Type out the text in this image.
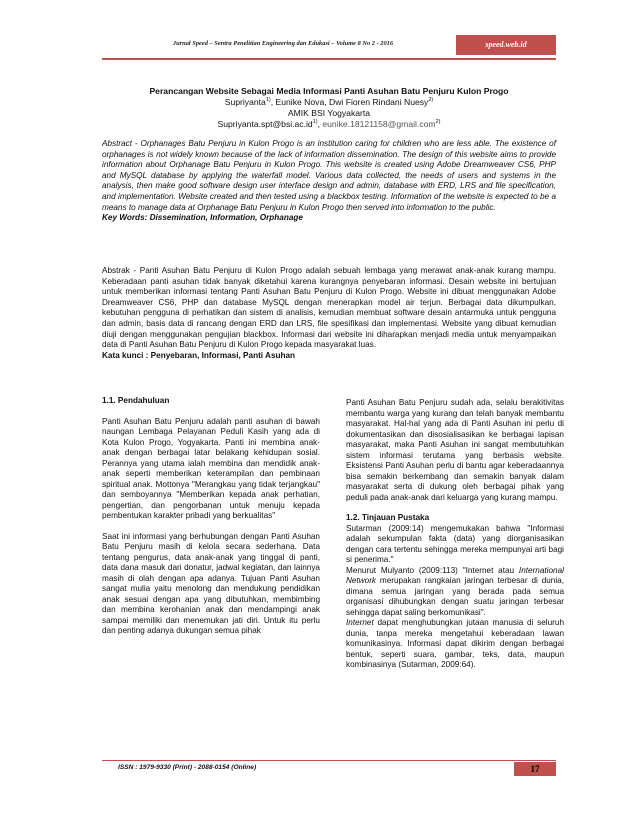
Jurnal Speed – Sentra Penelitian Engineering dan Edukasi – Volume 8 No 2 - 2016	speed.web.id
Perancangan Website Sebagai Media Informasi Panti Asuhan Batu Penjuru Kulon Progo
Supriyanta$^{1)}$, Eunike Nova, Dwi Fioren Rindani Nuesy$^{2)}$
AMIK BSI Yogyakarta
$Supriyanta.spt@bsi.ac.id^{1)}$, eunike.18121158@gmail.com$^{2)}$
Abstract - Orphanages Batu Penjuru in Kulon Progo is an institution caring for children who are less able. The existence of orphanages is not widely known because of the lack of information dissemination. The design of this website aims to provide information about Orphanage Batu Penjuru in Kulon Progo. This website is created using Adobe Dreamweaver CS6, PHP and MySQL database by applying the waterfall model. Various data collected, the needs of users and systems in the analysis, then make good software design user interface design and admin, database with ERD, LRS and file specification, and implementation. Website created and then tested using a blackbox testing. Information of the website is expected to be a means to manage data at Orphanage Batu Penjuru in Kulon Progo then served into information to the public.
Key Words: Dissemination, Information, Orphanage
Abstrak - Panti Asuhan Batu Penjuru di Kulon Progo adalah sebuah lembaga yang merawat anak-anak kurang mampu. Keberadaan panti asuhan tidak banyak diketahui karena kurangnya penyebaran informasi. Desain website ini bertujuan untuk memberikan informasi tentang Panti Asuhan Batu Penjuru di Kulon Progo. Website ini dibuat menggunakan Adobe Dreamweaver CS6, PHP dan database MySQL dengan menerapkan model air terjun. Berbagai data dikumpulkan, kebutuhan pengguna di perhatikan dan sistem di analisis, kemudian membuat software desain antarmuka untuk pengguna dan admin, basis data di rancang dengan ERD dan LRS, file spesifikasi dan implementasi. Website yang dibuat kemudian diuji dengan menggunakan pengujian blackbox. Informasi dari website ini diharapkan menjadi media untuk menyampaikan data di Panti Asuhan Batu Penjuru di Kulon Progo kepada masyarakat luas.
Kata kunci : Penyebaran, Informasi, Panti Asuhan

1.1. Pendahuluan

Panti Asuhan Batu Penjuru adalah panti asuhan di bawah naungan Lembaga Pelayanan Peduli Kasih yang ada di Kota Kulon Progo, Yogyakarta. Panti ini membina anak-anak dengan berbagai latar belakang kehidupan sosial. Perannya yang utama ialah membina dan mendidik anak-anak seperti memberikan keterampilan dan pembinaan spiritual anak. Mottonya "Merangkau yang tidak terjangkau" dan semboyannya "Memberikan kepada anak perhatian, pengertian, dan pengorbanan untuk menuju kepada pembentukan karakter pribadi yang berkualitas"

Saat ini informasi yang berhubungan dengan Panti Asuhan Batu Penjuru masih di kelola secara sederhana. Data tentang pengurus, data anak-anak yang tinggal di panti, data dana masuk dari donatur, jadwal kegiatan, dan lainnya masih di olah dengan apa adanya. Tujuan Panti Asuhan sangat mulia yaitu menolong dan mendukung pendidikan anak sesuai dengan apa yang dibutuhkan, membimbing dan membina kerohanian anak dan mendampingi anak sampai memiliki dan menemukan jati diri. Untuk itu perlu dan penting adanya dukungan semua pihak

Panti Asuhan Batu Penjuru sudah ada, selalu berakitivitas membantu warga yang kurang dan telah banyak membantu masyarakat. Hal-hal yang ada di Panti Asuhan ini perlu di dokumentasikan dan disosialisasikan ke berbagai lapisan masyarakat, maka Panti Asuhan ini sangat membutuhkan sistem informasi terutama yang berbasis website. Eksistensi Panti Asuhan perlu di bantu agar keberadaannya bisa semakin berkembang dan semakin banyak dalam masyarakat serta di dukung oleh berbagai pihak yang peduli pada anak-anak dari keluarga yang kurang mampu.

1.2. Tinjauan Pustaka

Sutarman (2009:14) mengemukakan bahwa "Informasi adalah sekumpulan fakta (data) yang diorganisasikan dengan cara tertentu sehingga mereka mempunyai arti bagi si penerima."

Menurut Mulyanto (2009:113) "Internet atau International Network merupakan rangkaian jaringan terbesar di dunia, dimana semua jaringan yang berada pada semua organisasi dihubungkan dengan suatu jaringan terbesar sehingga dapat saling berkomunikasi".

Internet dapat menghubungkan jutaan manusia di seluruh dunia, tanpa mereka mengetahui keberadaan lawan komunikasinya. Informasi dapat dikirim dengan berbagai bentuk, seperti suara, gambar, teks, data, maupun kombinasinya (Sutarman, 2009:64).

ISSN : 1979-9330 (Print) - 2088-0154 (Online)	17
